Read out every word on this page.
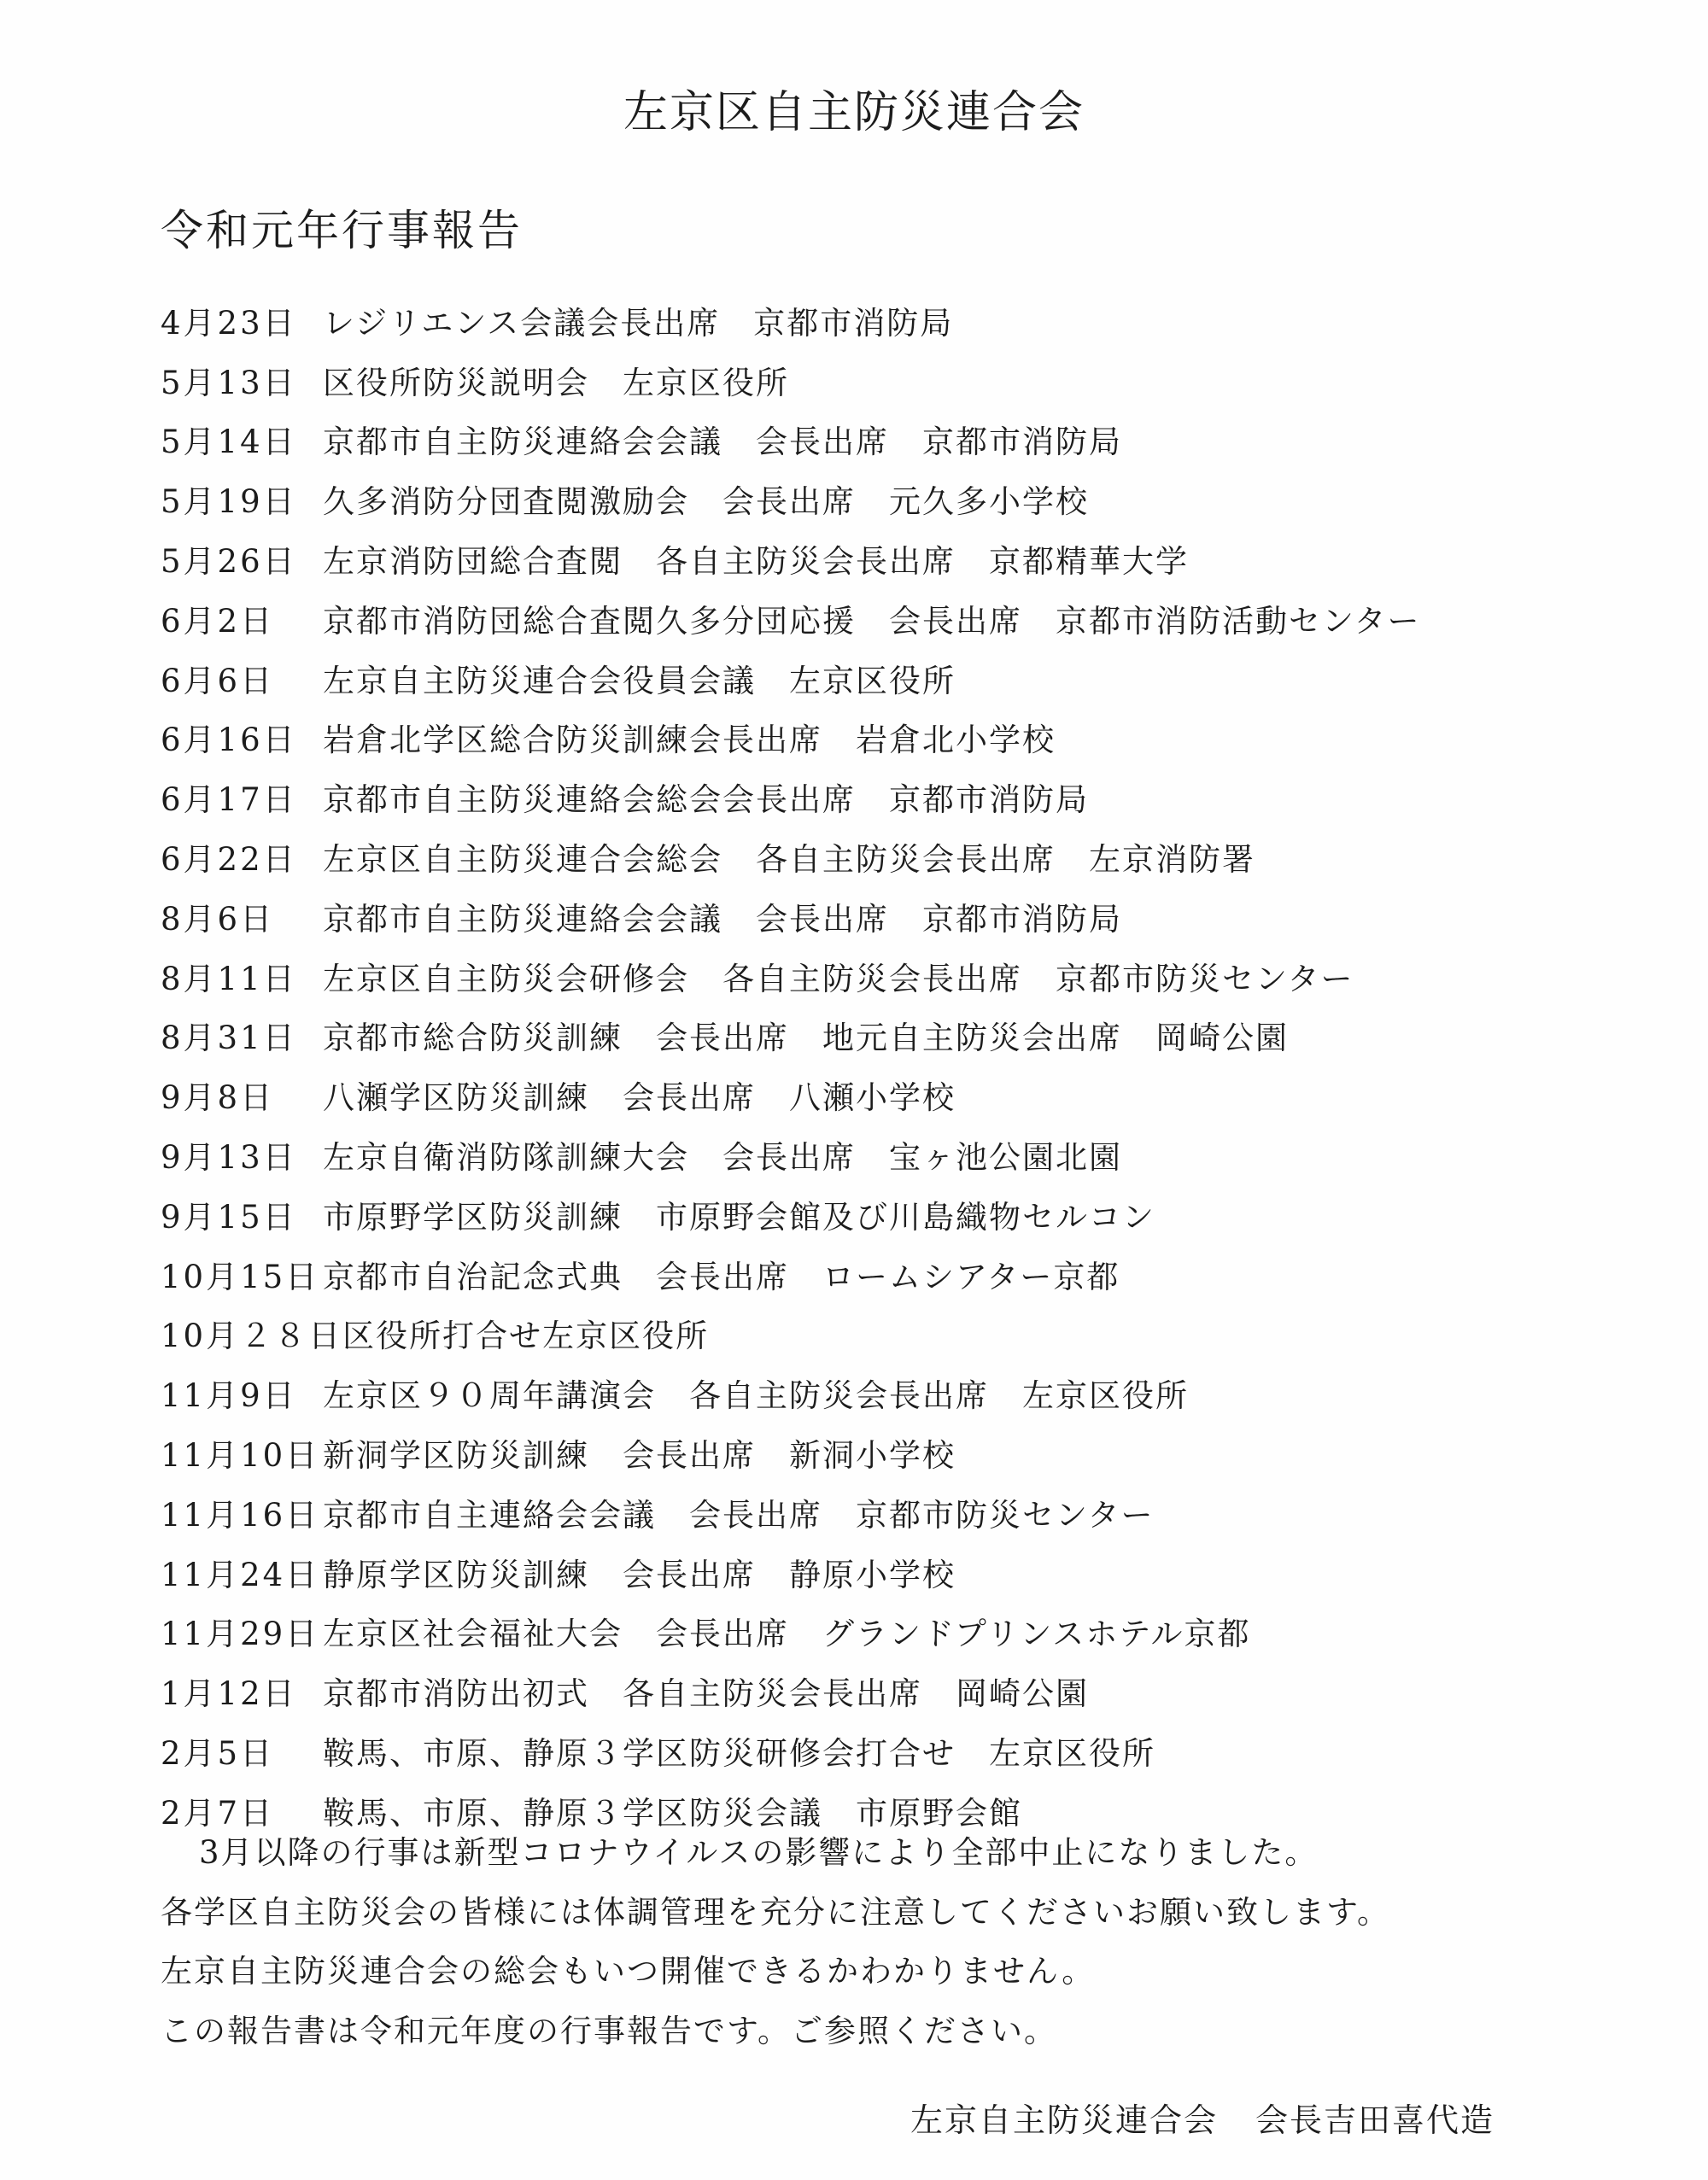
左京区自主防災連合会
令和元年行事報告
4月23日 レジリエンス会議会長出席　京都市消防局
5月13日 区役所防災説明会　左京区役所
5月14日 京都市自主防災連絡会会議　会長出席　京都市消防局
5月19日 久多消防分団査閲激励会　会長出席　元久多小学校
5月26日 左京消防団総合査閲　各自主防災会長出席　京都精華大学
6月2日	京都市消防団総合査閲久多分団応援　会長出席　京都市消防活動センター
6月6日	左京自主防災連合会役員会議　左京区役所
6月16日 岩倉北学区総合防災訓練会長出席　岩倉北小学校
6月17日 京都市自主防災連絡会総会会長出席　京都市消防局
6月22日 左京区自主防災連合会総会　各自主防災会長出席　左京消防署
8月6日	京都市自主防災連絡会会議　会長出席　京都市消防局
8月11日 左京区自主防災会研修会　各自主防災会長出席　京都市防災センター
8月31日 京都市総合防災訓練　会長出席　地元自主防災会出席　岡崎公園
9月8日	八瀬学区防災訓練　会長出席　八瀬小学校
9月13日 左京自衛消防隊訓練大会　会長出席　宝ヶ池公園北園
9月15日 市原野学区防災訓練　市原野会館及び川島織物セルコン
10月15日 京都市自治記念式典　会長出席　ロームシアター京都
10月２８日 区役所打合せ左京区役所
11月9日 左京区９０周年講演会　各自主防災会長出席　左京区役所
11月10日 新洞学区防災訓練　会長出席　新洞小学校
11月16日 京都市自主連絡会会議　会長出席　京都市防災センター
11月24日 静原学区防災訓練　会長出席　静原小学校
11月29日 左京区社会福祉大会　会長出席　グランドプリンスホテル京都
1月12日 京都市消防出初式　各自主防災会長出席　岡崎公園
2月5日	鞍馬、市原、静原３学区防災研修会打合せ　左京区役所
2月7日	鞍馬、市原、静原３学区防災会議　市原野会館

3月以降の行事は新型コロナウイルスの影響により全部中止になりました。

各学区自主防災会の皆様には体調管理を充分に注意してくださいお願い致します。

左京自主防災連合会の総会もいつ開催できるかわかりません。

この報告書は令和元年度の行事報告です。ご参照ください。

左京自主防災連合会 会長吉田喜代造
